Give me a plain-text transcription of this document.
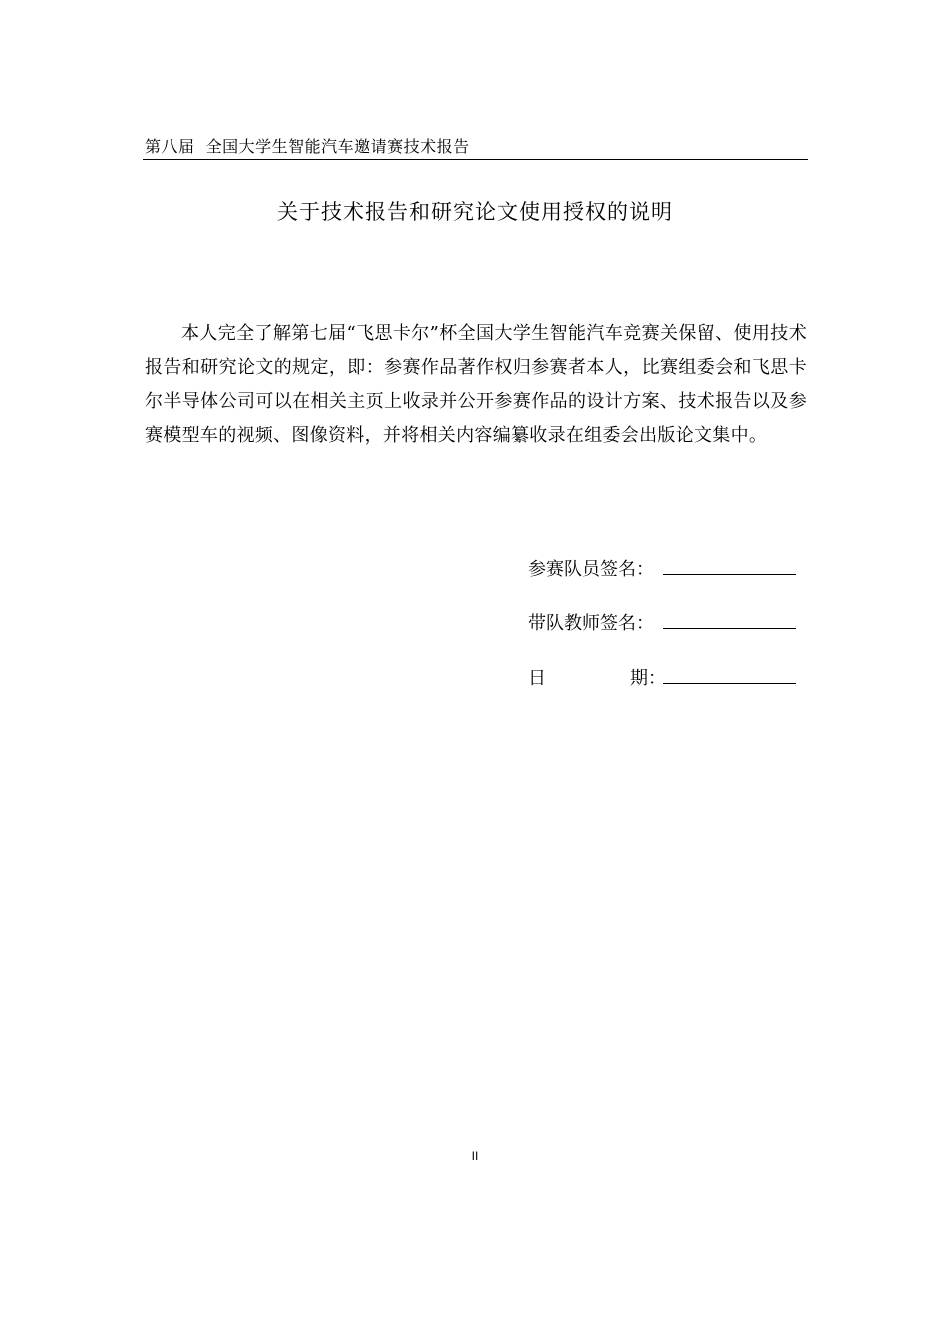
第八届  全国大学生智能汽车邀请赛技术报告
关于技术报告和研究论文使用授权的说明

本人完全了解第七届“飞思卡尔”杯全国大学生智能汽车竞赛关保留、使用技术报告和研究论文的规定，即：参赛作品著作权归参赛者本人，比赛组委会和飞思卡尔半导体公司可以在相关主页上收录并公开参赛作品的设计方案、技术报告以及参赛模型车的视频、图像资料，并将相关内容编纂收录在组委会出版论文集中。

参赛队员签名：
带队教师签名：
日	期：
II
